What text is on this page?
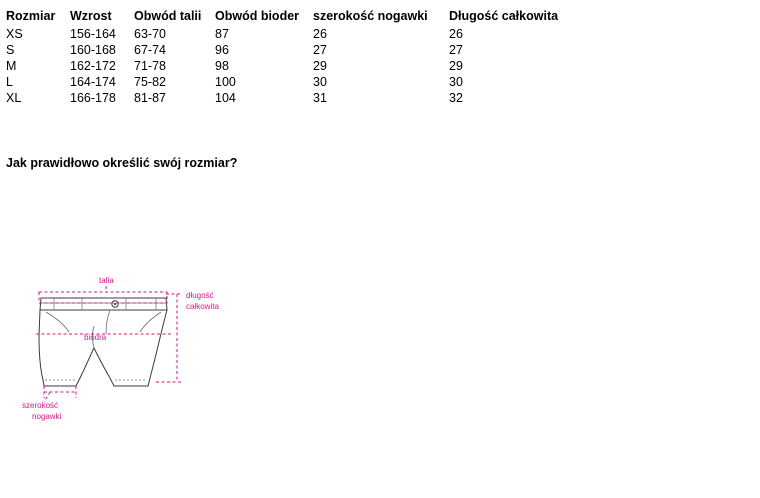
Rozmiar	Wzrost	Obwód talii	Obwód bioder	szerokość nogawki	Długość całkowita
XS	156-164	63-70	87	26	26
S	160-168	67-74	96	27	27
M	162-172	71-78	98	29	29
L	164-174	75-82	100	30	30
XL	166-178	81-87	104	31	32
Jak prawidłowo określić swój rozmiar?
talia
biodra
długość
całkowita
szerokość
nogawki
